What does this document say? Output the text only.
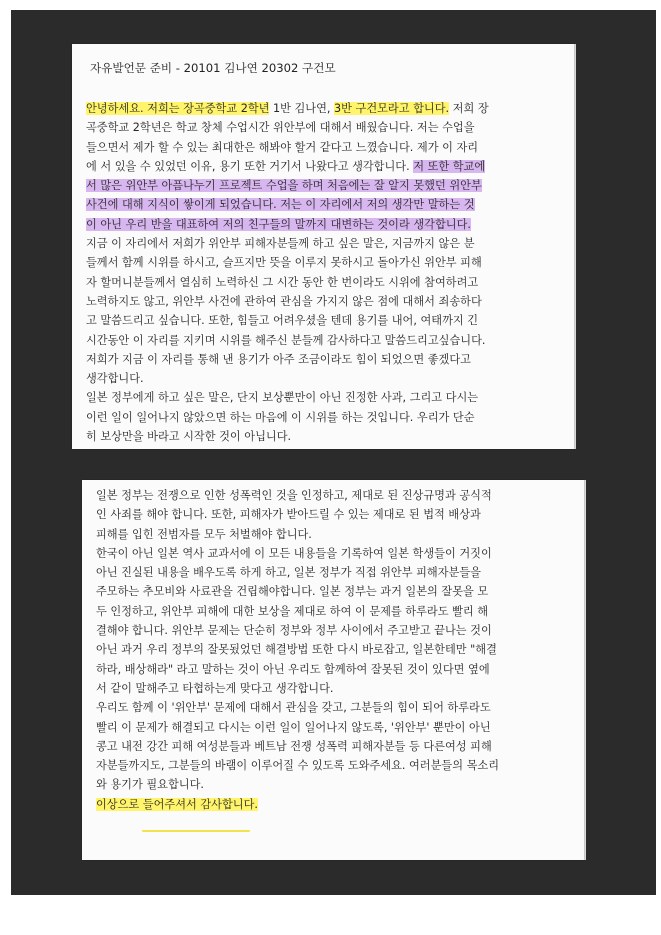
자유발언문 준비 - 20101 김나연 20302 구건모
안녕하세요. 저희는 장곡중학교 2학년 1반 김나연, 3반 구건모라고 합니다. 저희 장
곡중학교 2학년은 학교 창체 수업시간 위안부에 대해서 배웠습니다. 저는 수업을
들으면서 제가 할 수 있는 최대한은 해봐야 할거 같다고 느꼈습니다. 제가 이 자리
에 서 있을 수 있었던 이유, 용기 또한 거기서 나왔다고 생각합니다. 저 또한 학교에
서 많은 위안부 아픔나누기 프로젝트 수업을 하며 처음에는 잘 알지 못했던 위안부
사건에 대해 지식이 쌓이게 되었습니다. 저는 이 자리에서 저의 생각만 말하는 것
이 아닌 우리 반을 대표하여 저의 친구들의 말까지 대변하는 것이라 생각합니다.
지금 이 자리에서 저희가 위안부 피해자분들께 하고 싶은 말은, 지금까지 않은 분
들께서 함께 시위를 하시고, 슬프지만 뜻을 이루지 못하시고 돌아가신 위안부 피해
자 할머니분들께서 열심히 노력하신 그 시간 동안 한 번이라도 시위에 참여하려고
노력하지도 않고, 위안부 사건에 관하여 관심을 가지지 않은 점에 대해서 죄송하다
고 말씀드리고 싶습니다. 또한, 힘들고 어려우셨을 텐데 용기를 내어, 여태까지 긴
시간동안 이 자리를 지키며 시위를 해주신 분들께 감사하다고 말씀드리고싶습니다.
저희가 지금 이 자리를 통해 낸 용기가 아주 조금이라도 힘이 되었으면 좋겠다고
생각합니다.
일본 정부에게 하고 싶은 말은, 단지 보상뿐만이 아닌 진정한 사과, 그리고 다시는
이런 일이 일어나지 않았으면 하는 마음에 이 시위를 하는 것입니다. 우리가 단순
히 보상만을 바라고 시작한 것이 아닙니다.
일본 정부는 전쟁으로 인한 성폭력인 것을 인정하고, 제대로 된 진상규명과 공식적
인 사죄를 해야 합니다. 또한, 피해자가 받아드릴 수 있는 제대로 된 법적 배상과
피해를 입힌 전범자를 모두 처벌해야 합니다.
한국이 아닌 일본 역사 교과서에 이 모든 내용들을 기록하여 일본 학생들이 거짓이
아닌 진실된 내용을 배우도록 하게 하고, 일본 정부가 직접 위안부 피해자분들을
주모하는 추모비와 사료관을 건립해야합니다. 일본 정부는 과거 일본의 잘못을 모
두 인정하고, 위안부 피해에 대한 보상을 제대로 하여 이 문제를 하루라도 빨리 해
결해야 합니다. 위안부 문제는 단순히 정부와 정부 사이에서 주고받고 끝나는 것이
아닌 과거 우리 정부의 잘못됬었던 해결방법 또한 다시 바로잡고, 일본한테만 "해결
하라, 배상해라" 라고 말하는 것이 아닌 우리도 함께하여 잘못된 것이 있다면 옆에
서 같이 말해주고 타협하는게 맞다고 생각합니다.
우리도 함께 이 '위안부' 문제에 대해서 관심을 갖고, 그분들의 힘이 되어 하루라도
빨리 이 문제가 해결되고 다시는 이런 일이 일어나지 않도록, '위안부' 뿐만이 아닌
콩고 내전 강간 피해 여성분들과 베트남 전쟁 성폭력 피해자분들 등 다른여성 피해
자분들까지도, 그분들의 바램이 이루어질 수 있도록 도와주세요. 여러분들의 목소리
와 용기가 필요합니다.
이상으로 들어주셔서 감사합니다.
